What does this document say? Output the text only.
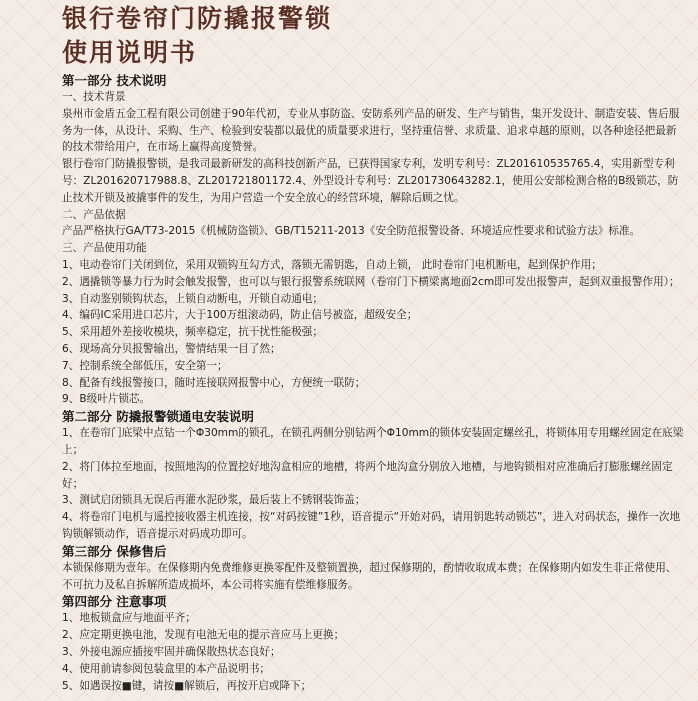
银行卷帘门防撬报警锁
使用说明书
第一部分 技术说明

一、技术背景

泉州市金盾五金工程有限公司创建于90年代初，专业从事防盗、安防系列产品的研发、生产与销售，集开发设计、制造安装、售后服务为一体，从设计、采购、生产、检验到安装都以最优的质量要求进行，坚持重信誉、求质量、追求卓越的原则，以各种途径把最新的技术带给用户，在市场上赢得高度赞誉。

银行卷帘门防撬报警锁，是我司最新研发的高科技创新产品，已获得国家专利，发明专利号：ZL201610535765.4，实用新型专利号：ZL201620717988.8、ZL201721801172.4、外型设计专利号：ZL201730643282.1，使用公安部检测合格的B级锁芯，防止技术开锁及被撬事件的发生，为用户营造一个安全放心的经营环境，解除后顾之忧。

二、产品依据

产品严格执行GA/T73-2015《机械防盗锁》、GB/T15211-2013《安全防范报警设备、环境适应性要求和试验方法》标准。

三、产品使用功能

1、电动卷帘门关闭到位，采用双锁钩互勾方式，落锁无需钥匙，自动上锁， 此时卷帘门电机断电，起到保护作用；

2、遇撬锁等暴力行为时会触发报警，也可以与银行报警系统联网（卷帘门下横梁离地面2cm即可发出报警声，起到双重报警作用）；

3、自动鉴别锁钩状态，上锁自动断电，开锁自动通电；

4、编码IC采用进口芯片，大于100万组滚动码，防止信号被盗，超级安全；

5、采用超外差接收模块，频率稳定，抗干扰性能极强；

6、现场高分贝报警输出，警情结果一目了然；

7、控制系统全部低压，安全第一；

8、配备有线报警接口，随时连接联网报警中心，方便统一联防；

9、B级叶片锁芯。

第二部分 防撬报警锁通电安装说明

1、在卷帘门底梁中点钻一个Φ30mm的锁孔，在锁孔两侧分别钻两个Φ10mm的锁体安装固定螺丝孔，将锁体用专用螺丝固定在底梁上；

2、将门体拉至地面，按照地沟的位置挖好地沟盒相应的地槽，将两个地沟盒分别放入地槽，与地钩锁相对应准确后打膨胀螺丝固定好；

3、测试启闭锁具无误后再灌水泥砂浆，最后装上不锈钢装饰盖；

4、将卷帘门电机与遥控接收器主机连接，按“对码按键”1秒，语音提示“开始对码，请用钥匙转动锁芯”，进入对码状态，操作一次地钩锁解锁动作，语音提示对码成功即可。

第三部分 保修售后

本锁保修期为壹年。在保修期内免费维修更换零配件及整锁置换，超过保修期的，酌情收取成本费；在保修期内如发生非正常使用、不可抗力及私自拆解所造成损坏，本公司将实施有偿维修服务。

第四部分 注意事项

1、地板锁盒应与地面平齐；

2、应定期更换电池，发现有电池无电的提示音应马上更换；

3、外接电源应插接牢固并确保散热状态良好；

4、使用前请参阅包装盒里的本产品说明书；

5、如遇误按■键，请按■解锁后，再按开启或降下；
